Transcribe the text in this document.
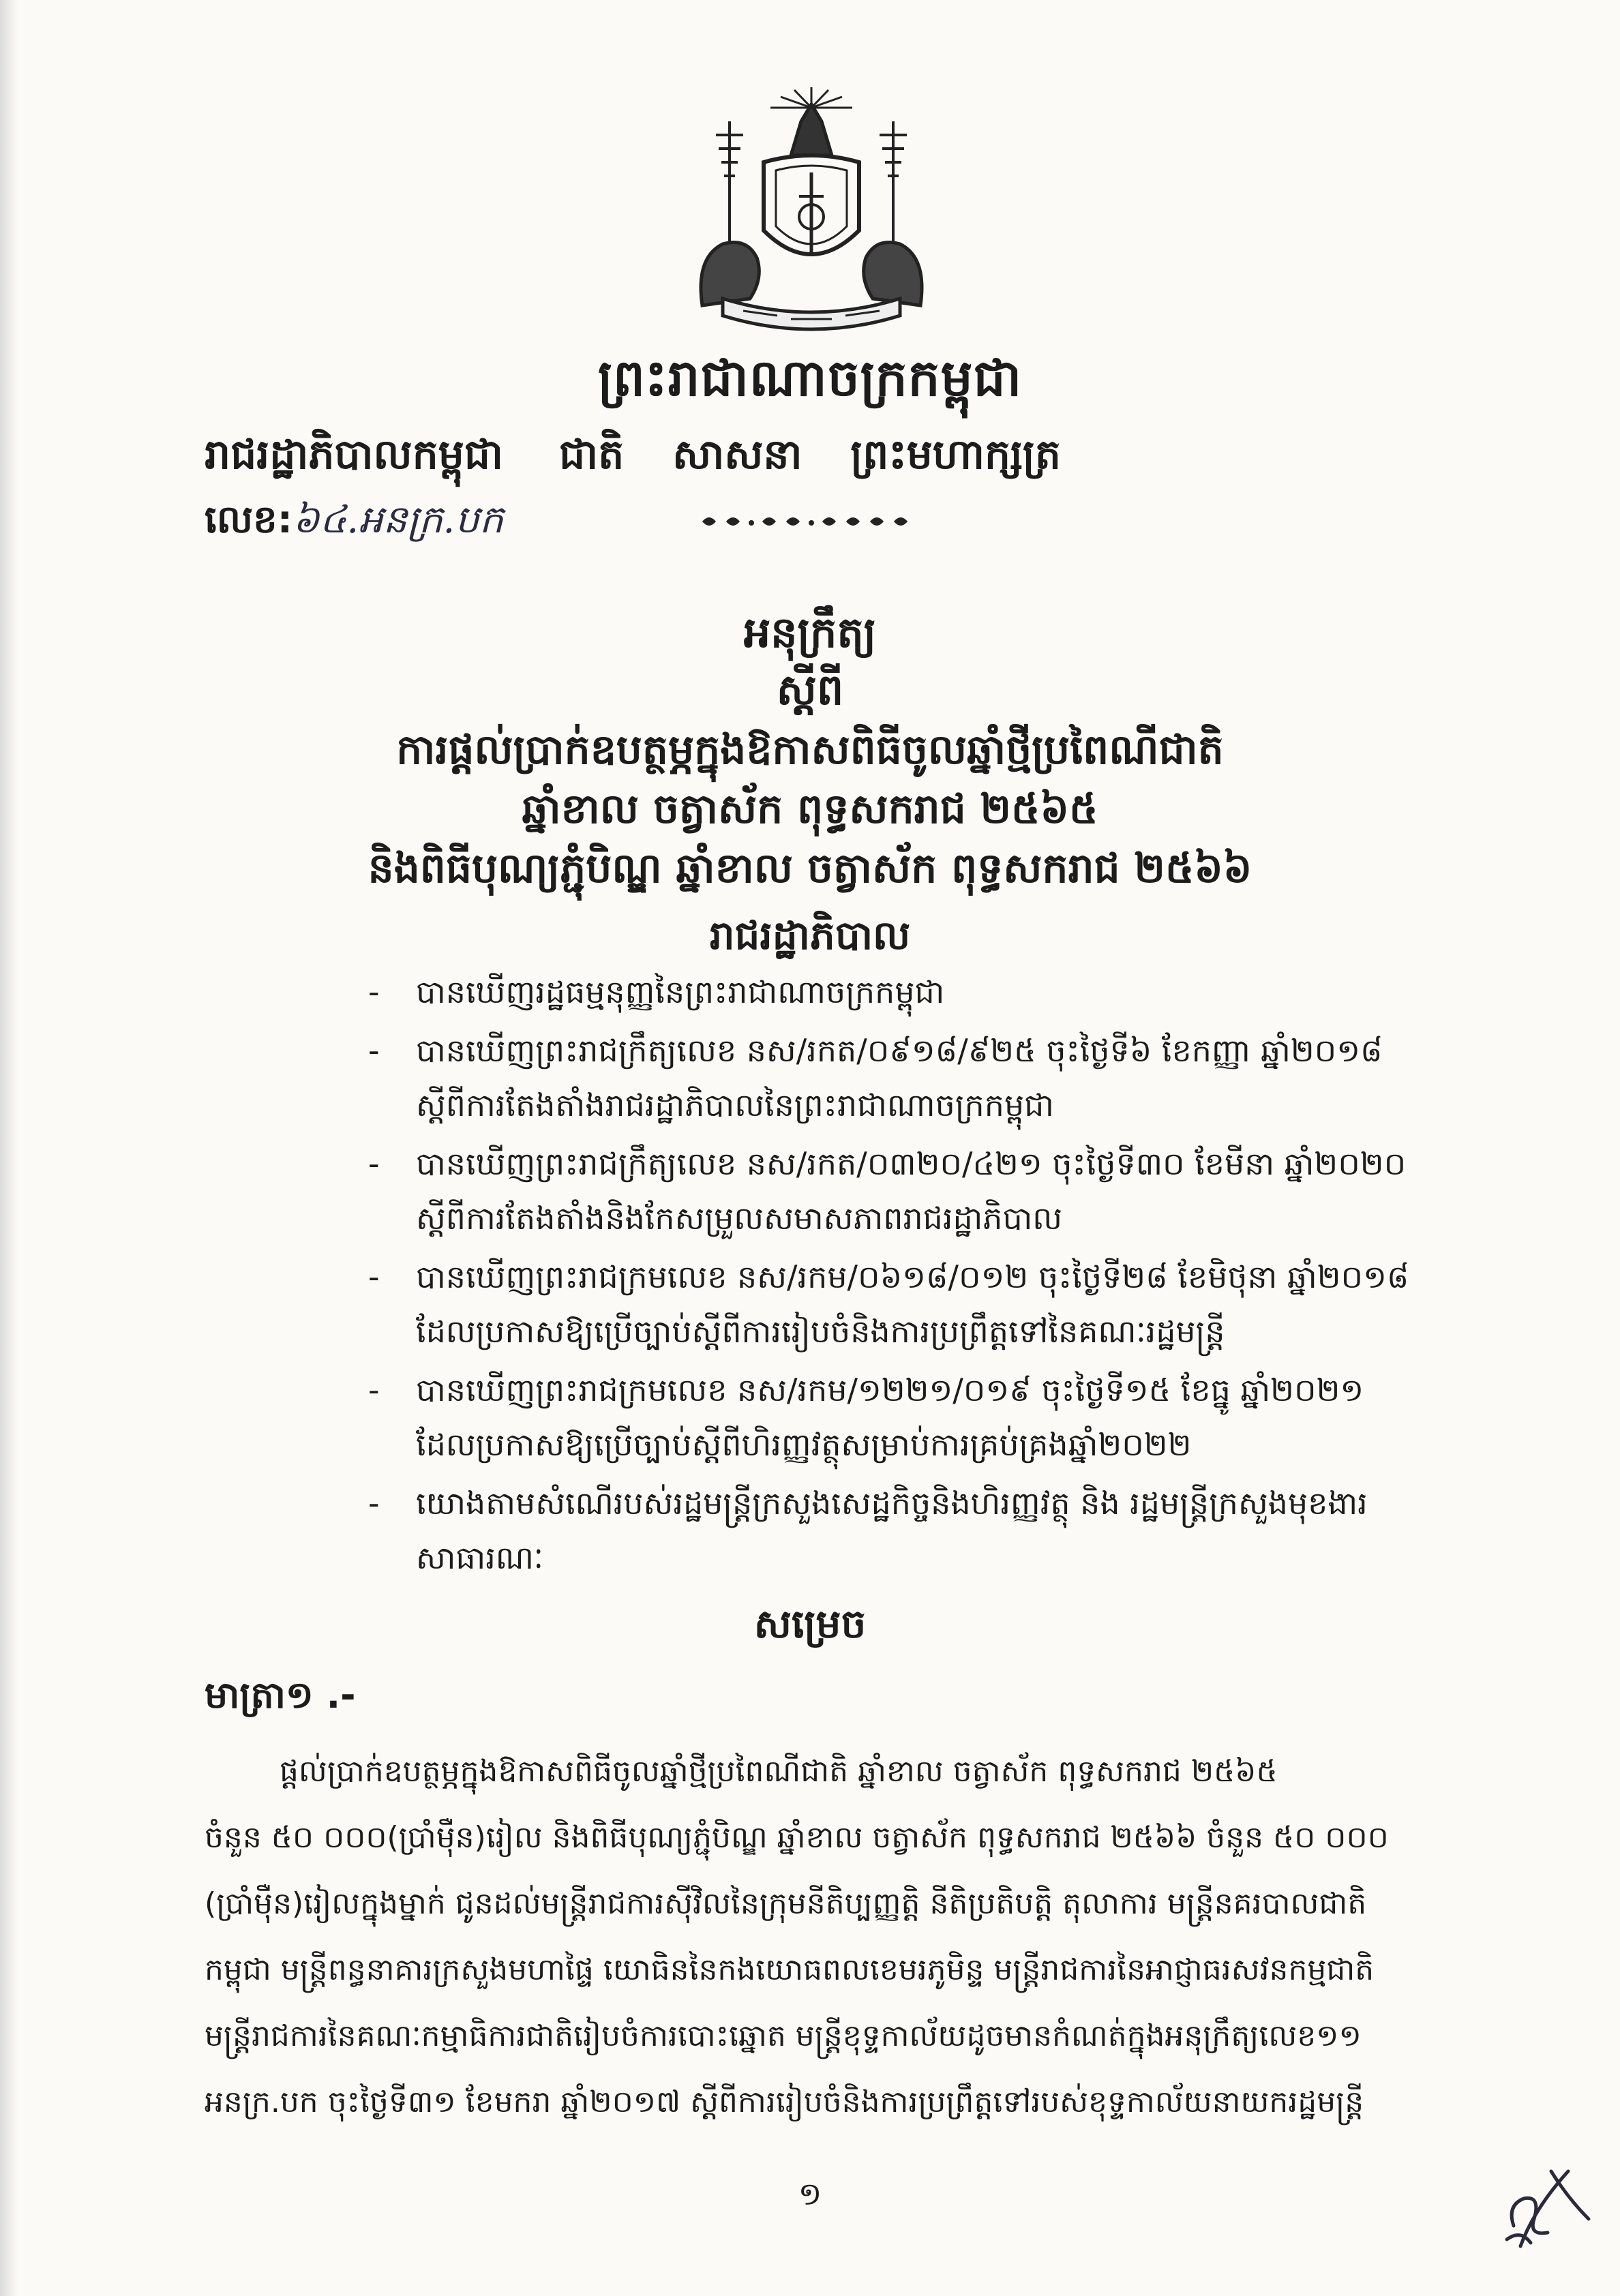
ព្រះរាជាណាចក្រកម្ពុជា
រាជរដ្ឋាភិបាលកម្ពុជា ជាតិ សាសនា ព្រះមហាក្សត្រ
លេខ:៦៤.អនក្រ.បក
អនុក្រឹត្យ
ស្តីពី
ការផ្តល់ប្រាក់ឧបត្ថម្ភក្នុងឱកាសពិធីចូលឆ្នាំថ្មីប្រពៃណីជាតិ
ឆ្នាំខាល ចត្វាស័ក ពុទ្ធសករាជ ២៥៦៥
និងពិធីបុណ្យភ្ជុំបិណ្ឌ ឆ្នាំខាល ចត្វាស័ក ពុទ្ធសករាជ ២៥៦៦
រាជរដ្ឋាភិបាល
- បានឃើញរដ្ឋធម្មនុញ្ញនៃព្រះរាជាណាចក្រកម្ពុជា
- បានឃើញព្រះរាជក្រឹត្យលេខ នស/រកត/០៩១៨/៩២៥ ចុះថ្ងៃទី៦ ខែកញ្ញា ឆ្នាំ២០១៨
ស្តីពីការតែងតាំងរាជរដ្ឋាភិបាលនៃព្រះរាជាណាចក្រកម្ពុជា
- បានឃើញព្រះរាជក្រឹត្យលេខ នស/រកត/០៣២០/៤២១ ចុះថ្ងៃទី៣០ ខែមីនា ឆ្នាំ២០២០
ស្តីពីការតែងតាំងនិងកែសម្រួលសមាសភាពរាជរដ្ឋាភិបាល
- បានឃើញព្រះរាជក្រមលេខ នស/រកម/០៦១៨/០១២ ចុះថ្ងៃទី២៨ ខែមិថុនា ឆ្នាំ២០១៨
ដែលប្រកាសឱ្យប្រើច្បាប់ស្តីពីការរៀបចំនិងការប្រព្រឹត្តទៅនៃគណៈរដ្ឋមន្ត្រី
- បានឃើញព្រះរាជក្រមលេខ នស/រកម/១២២១/០១៩ ចុះថ្ងៃទី១៥ ខែធ្នូ ឆ្នាំ២០២១
ដែលប្រកាសឱ្យប្រើច្បាប់ស្តីពីហិរញ្ញវត្ថុសម្រាប់ការគ្រប់គ្រងឆ្នាំ២០២២
- យោងតាមសំណើរបស់រដ្ឋមន្ត្រីក្រសួងសេដ្ឋកិច្ចនិងហិរញ្ញវត្ថុ និង រដ្ឋមន្ត្រីក្រសួងមុខងារ
សាធារណៈ
សម្រេច
មាត្រា១ .-
ផ្តល់ប្រាក់ឧបត្ថម្ភក្នុងឱកាសពិធីចូលឆ្នាំថ្មីប្រពៃណីជាតិ ឆ្នាំខាល ចត្វាស័ក ពុទ្ធសករាជ ២៥៦៥
ចំនួន ៥០ ០០០(ប្រាំម៉ឺន)រៀល និងពិធីបុណ្យភ្ជុំបិណ្ឌ ឆ្នាំខាល ចត្វាស័ក ពុទ្ធសករាជ ២៥៦៦ ចំនួន ៥០ ០០០
(ប្រាំម៉ឺន)រៀលក្នុងម្នាក់ ជូនដល់មន្ត្រីរាជការស៊ីវិលនៃក្រុមនីតិប្បញ្ញត្តិ នីតិប្រតិបត្តិ តុលាការ មន្ត្រីនគរបាលជាតិ
កម្ពុជា មន្ត្រីពន្ធនាគារក្រសួងមហាផ្ទៃ យោធិននៃកងយោធពលខេមរភូមិន្ទ មន្ត្រីរាជការនៃអាជ្ញាធរសវនកម្មជាតិ
មន្ត្រីរាជការនៃគណៈកម្មាធិការជាតិរៀបចំការបោះឆ្នោត មន្ត្រីខុទ្ទកាល័យដូចមានកំណត់ក្នុងអនុក្រឹត្យលេខ១១
អនក្រ.បក ចុះថ្ងៃទី៣១ ខែមករា ឆ្នាំ២០១៧ ស្តីពីការរៀបចំនិងការប្រព្រឹត្តទៅរបស់ខុទ្ទកាល័យនាយករដ្ឋមន្ត្រី
១
